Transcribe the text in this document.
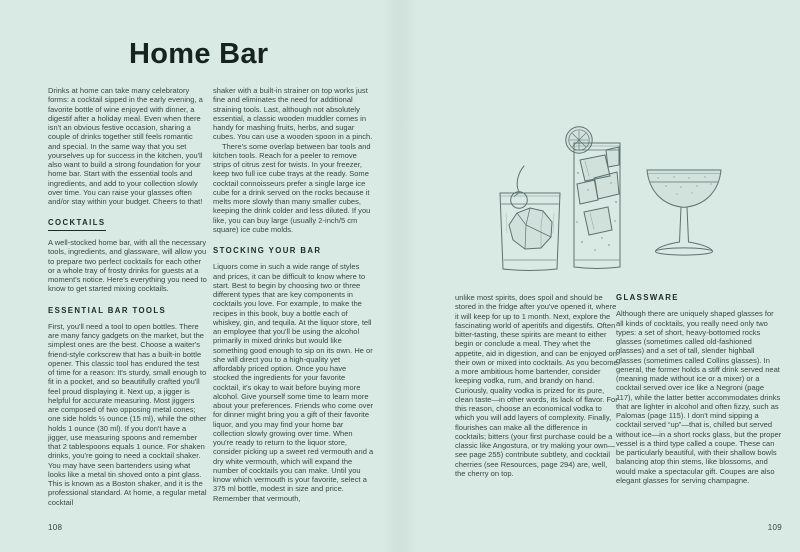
Home Bar

Drinks at home can take many celebratory forms: a cocktail sipped in the early evening, a favorite bottle of wine enjoyed with dinner, a digestif after a holiday meal. Even when there isn't an obvious festive occasion, sharing a couple of drinks together still feels romantic and special. In the same way that you set yourselves up for success in the kitchen, you'll also want to build a strong foundation for your home bar. Start with the essential tools and ingredients, and add to your collection slowly over time. You can raise your glasses often and/or stay within your budget. Cheers to that!

COCKTAILS

A well-stocked home bar, with all the necessary tools, ingredients, and glassware, will allow you to prepare two perfect cocktails for each other or a whole tray of frosty drinks for guests at a moment's notice. Here's everything you need to know to get started mixing cocktails.

ESSENTIAL BAR TOOLS

First, you'll need a tool to open bottles. There are many fancy gadgets on the market, but the simplest ones are the best. Choose a waiter's friend-style corkscrew that has a built-in bottle opener. This classic tool has endured the test of time for a reason: It's sturdy, small enough to fit in a pocket, and so beautifully crafted you'll feel proud displaying it. Next up, a jigger is helpful for accurate measuring. Most jiggers are composed of two opposing metal cones; one side holds ½ ounce (15 ml), while the other holds 1 ounce (30 ml). If you don't have a jigger, use measuring spoons and remember that 2 tablespoons equals 1 ounce. For shaken drinks, you're going to need a cocktail shaker. You may have seen bartenders using what looks like a metal tin shoved onto a pint glass. This is known as a Boston shaker, and it is the professional standard. At home, a regular metal cocktail

shaker with a built-in strainer on top works just fine and eliminates the need for additional straining tools. Last, although not absolutely essential, a classic wooden muddler comes in handy for mashing fruits, herbs, and sugar cubes. You can use a wooden spoon in a pinch.

There's some overlap between bar tools and kitchen tools. Reach for a peeler to remove strips of citrus zest for twists. In your freezer, keep two full ice cube trays at the ready. Some cocktail connoisseurs prefer a single large ice cube for a drink served on the rocks because it melts more slowly than many smaller cubes, keeping the drink colder and less diluted. If you like, you can buy large (usually 2-inch/5 cm square) ice cube molds.

STOCKING YOUR BAR

Liquors come in such a wide range of styles and prices, it can be difficult to know where to start. Best to begin by choosing two or three different types that are key components in cocktails you love. For example, to make the recipes in this book, buy a bottle each of whiskey, gin, and tequila. At the liquor store, tell an employee that you'll be using the alcohol primarily in mixed drinks but would like something good enough to sip on its own. He or she will direct you to a high-quality yet affordably priced option. Once you have stocked the ingredients for your favorite cocktail, it's okay to wait before buying more alcohol. Give yourself some time to learn more about your preferences. Friends who come over for dinner might bring you a gift of their favorite liquor, and you may find your home bar collection slowly growing over time. When you're ready to return to the liquor store, consider picking up a sweet red vermouth and a dry white vermouth, which will expand the number of cocktails you can make. Until you know which vermouth is your favorite, select a 375 ml bottle, modest in size and price. Remember that vermouth,

unlike most spirits, does spoil and should be stored in the fridge after you've opened it, where it will keep for up to 1 month. Next, explore the fascinating world of aperitifs and digestifs. Often bitter-tasting, these spirits are meant to either begin or conclude a meal. They whet the appetite, aid in digestion, and can be enjoyed on their own or mixed into cocktails. As you become a more ambitious home bartender, consider keeping vodka, rum, and brandy on hand. Curiously, quality vodka is prized for its pure, clean taste—in other words, its lack of flavor. For this reason, choose an economical vodka to which you will add layers of complexity. Finally, flourishes can make all the difference in cocktails; bitters (your first purchase could be a classic like Angostura, or try making your own—see page 255) contribute subtlety, and cocktail cherries (see Resources, page 294) are, well, the cherry on top.

GLASSWARE

Although there are uniquely shaped glasses for all kinds of cocktails, you really need only two types: a set of short, heavy-bottomed rocks glasses (sometimes called old-fashioned glasses) and a set of tall, slender highball glasses (sometimes called Collins glasses). In general, the former holds a stiff drink served neat (meaning made without ice or a mixer) or a cocktail served over ice like a Negroni (page 117), while the latter better accommodates drinks that are lighter in alcohol and often fizzy, such as Palomas (page 115). I don't mind sipping a cocktail served “up”—that is, chilled but served without ice—in a short rocks glass, but the proper vessel is a third type called a coupe. These can be particularly beautiful, with their shallow bowls balancing atop thin stems, like blossoms, and would make a spectacular gift. Coupes are also elegant glasses for serving champagne.

108	109
